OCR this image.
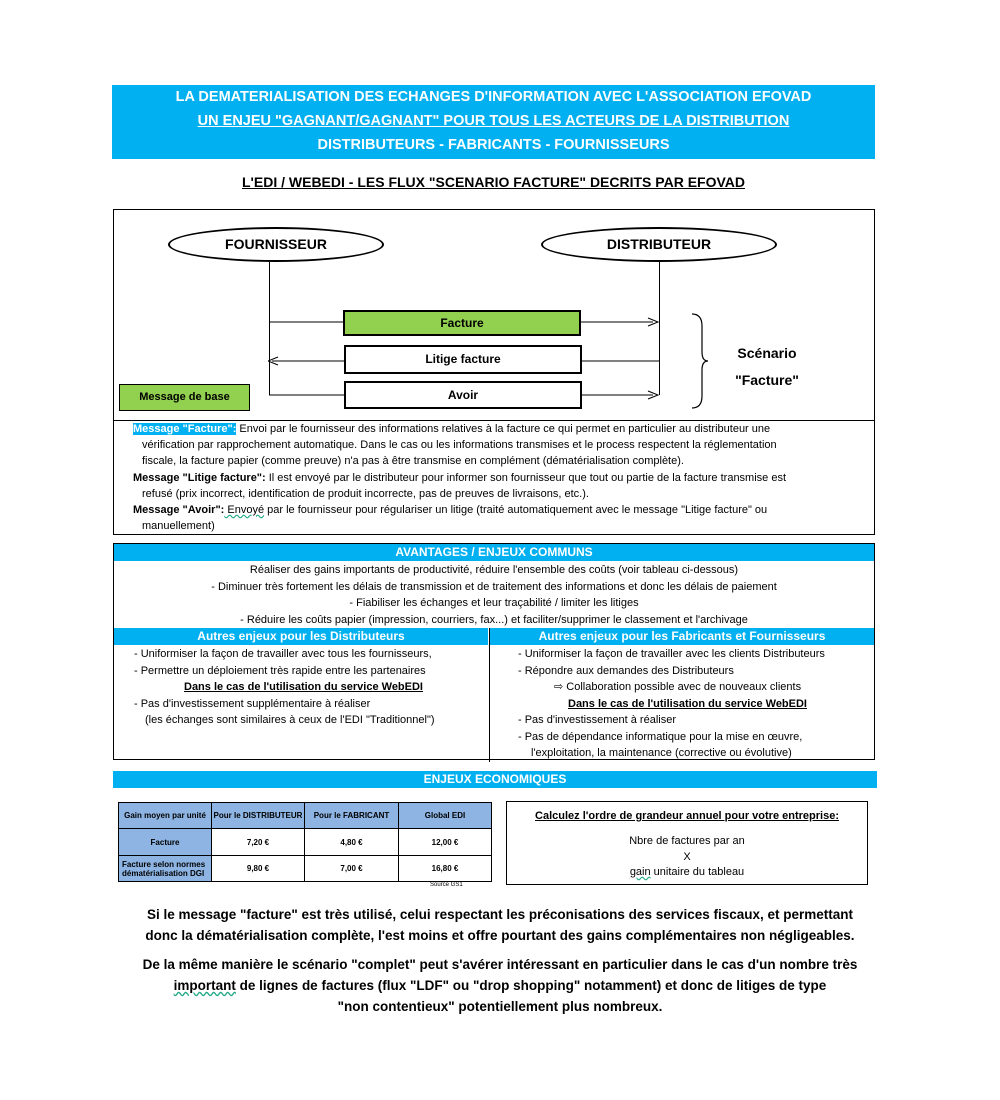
LA DEMATERIALISATION DES ECHANGES D'INFORMATION AVEC L'ASSOCIATION EFOVAD
UN ENJEU "GAGNANT/GAGNANT" POUR TOUS LES ACTEURS DE LA DISTRIBUTION
DISTRIBUTEURS - FABRICANTS - FOURNISSEURS
L'EDI / WEBEDI - LES FLUX "SCENARIO FACTURE" DECRITS PAR EFOVAD
FOURNISSEUR	DISTRIBUTEUR
Facture
Litige facture
Avoir
Scénario
"Facture"
Message de base

Message "Facture": Envoi par le fournisseur des informations relatives à la facture ce qui permet en particulier au distributeur une

vérification par rapprochement automatique. Dans le cas ou les informations transmises et le process respectent la réglementation

fiscale, la facture papier (comme preuve) n'a pas à être transmise en complément (dématérialisation complète).

Message "Litige facture": Il est envoyé par le distributeur pour informer son fournisseur que tout ou partie de la facture transmise est

refusé (prix incorrect, identification de produit incorrecte, pas de preuves de livraisons, etc.).

Message "Avoir": Envoyé par le fournisseur pour régulariser un litige (traité automatiquement avec le message "Litige facture" ou

manuellement)

AVANTAGES / ENJEUX COMMUNS
Réaliser des gains importants de productivité, réduire l'ensemble des coûts (voir tableau ci-dessous)
- Diminuer très fortement les délais de transmission et de traitement des informations et donc les délais de paiement
- Fiabiliser les échanges et leur traçabilité / limiter les litiges
- Réduire les coûts papier (impression, courriers, fax...) et faciliter/supprimer le classement et l'archivage
Autres enjeux pour les Distributeurs

- Uniformiser la façon de travailler avec tous les fournisseurs,

- Permettre un déploiement très rapide entre les partenaires

Dans le cas de l'utilisation du service WebEDI

- Pas d'investissement supplémentaire à réaliser

(les échanges sont similaires à ceux de l'EDI "Traditionnel")

Autres enjeux pour les Fabricants et Fournisseurs

- Uniformiser la façon de travailler avec les clients Distributeurs

- Répondre aux demandes des Distributeurs

⇨ Collaboration possible avec de nouveaux clients

Dans le cas de l'utilisation du service WebEDI

- Pas d'investissement à réaliser

- Pas de dépendance informatique pour la mise en œuvre,

l'exploitation, la maintenance (corrective ou évolutive)

ENJEUX ECONOMIQUES
Gain moyen par unité	Pour le DISTRIBUTEUR	Pour le FABRICANT	Global EDI
Facture	7,20 €	4,80 €	12,00 €
Facture selon normes dématérialisation DGI	9,80 €	7,00 €	16,80 €
Source GS1
Calculez l'ordre de grandeur annuel pour votre entreprise:
Nbre de factures par an
X
gain unitaire du tableau
Si le message "facture" est très utilisé, celui respectant les préconisations des services fiscaux, et permettant
donc la dématérialisation complète, l'est moins et offre pourtant des gains complémentaires non négligeables.
De la même manière le scénario "complet" peut s'avérer intéressant en particulier dans le cas d'un nombre très
important de lignes de factures (flux "LDF" ou "drop shopping" notamment) et donc de litiges de type
"non contentieux" potentiellement plus nombreux.
